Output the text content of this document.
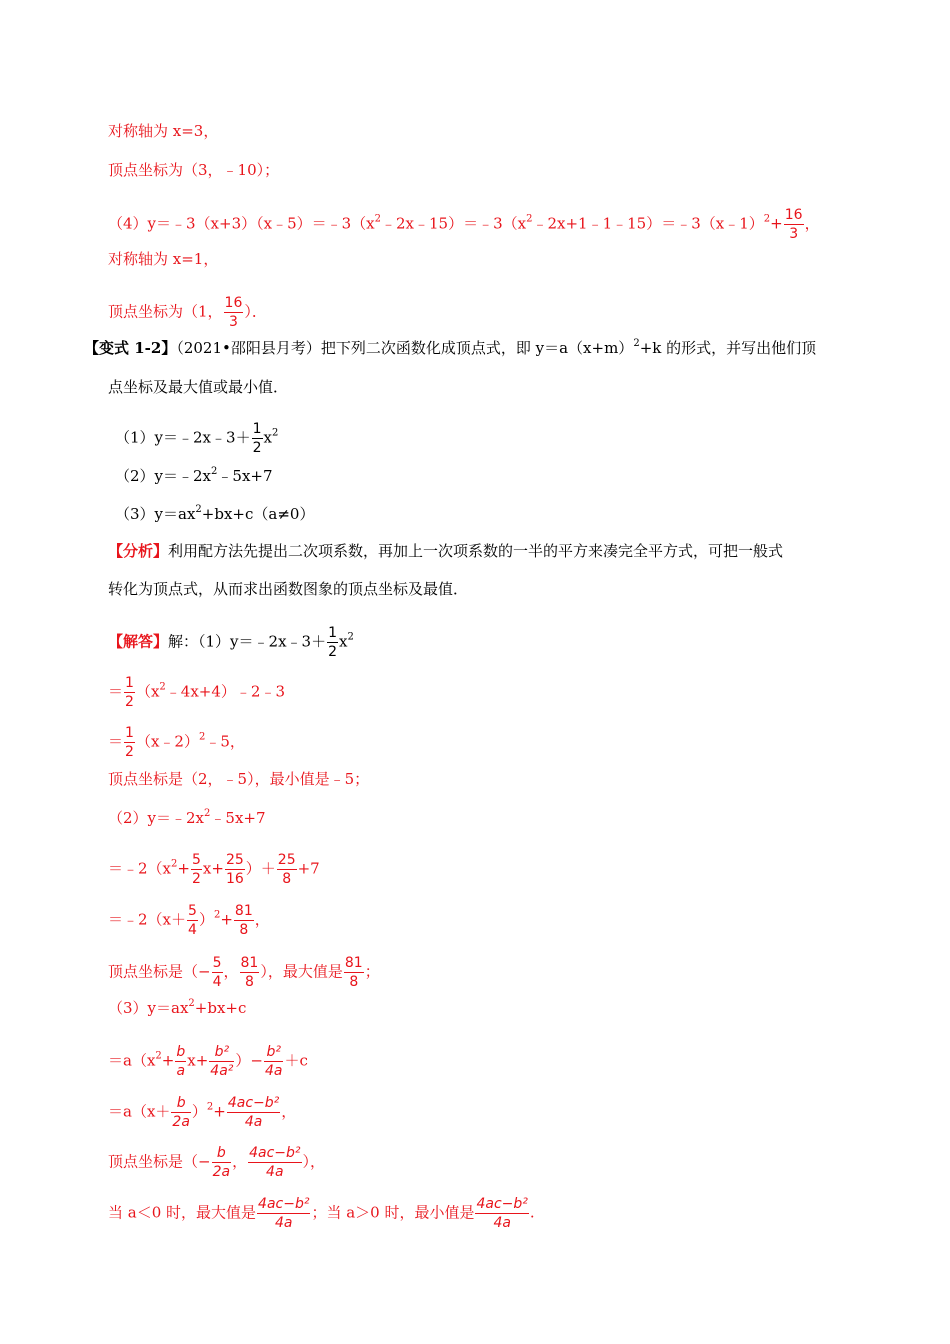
对称轴为 x=3，
顶点坐标为（3，﹣10）；
$(4)y=﹣3(x+3)(x﹣5)=﹣3(x^2﹣2x﹣15)=﹣3(x^2﹣2x+1﹣1﹣15)=﹣3(x﹣1)^2+ \frac{16}{3}$ ，
对称轴为 x=1，
顶点坐标为（1， $\frac{16}{3}$ ）．
【变式 1-2】（2021•邵阳县月考）把下列二次函数化成顶点式，即 $y=a(x+m)^2+k$ 的形式，并写出他们顶
点坐标及最大值或最小值．
（1）y＝﹣2x﹣3＋ $\frac{1}{2} x^2$
$(2)y=﹣2x^2﹣5x+7$
$(3)y=ax^2+bx+c(a\ne 0)$
【分析】利用配方法先提出二次项系数，再加上一次项系数的一半的平方来凑完全平方式，可把一般式
转化为顶点式，从而求出函数图象的顶点坐标及最值．
【解答】解：（1）y＝﹣2x﹣3＋ $\frac{1}{2} x^2$
＝ $\frac{1}{2}$ $(x^2﹣4x+4)﹣2﹣3$
＝ $\frac{1}{2}$ （x﹣2）$^2$﹣5，
顶点坐标是（2，﹣5），最小值是﹣5；
$(2)y=﹣2x^2﹣5x+7$
$=﹣2(x^2+ \frac{5}{2} x+ \frac{25}{16}$ ）＋ $\frac{25}{8} +7$
＝﹣2（x＋ $\frac{5}{4} )^2+ \frac{81}{8}$ ，
顶点坐标是（− $\frac{5}{4}$ ， $\frac{81}{8}$ ），最大值是 $\frac{81}{8}$ ；
$(3)y=ax^2+bx+c$
$=a(x^2+ \frac{b}{a} x+ \frac{\text{b²}}{\text{4a²}}$ ）− $\frac{\text{b²}}{4a} +c$
$=a(x+ \frac{b}{2a} )^2+ \frac{\text{4ac−b²}}{4a}$ ，
顶点坐标是（− $\frac{b}{2a}$ ， $\frac{\text{4ac−b²}}{4a}$ ），
当 a＜0 时，最大值是 $\frac{\text{4ac−b²}}{4a}$ ；当 a＞0 时，最小值是 $\frac{\text{4ac−b²}}{4a}$ .
